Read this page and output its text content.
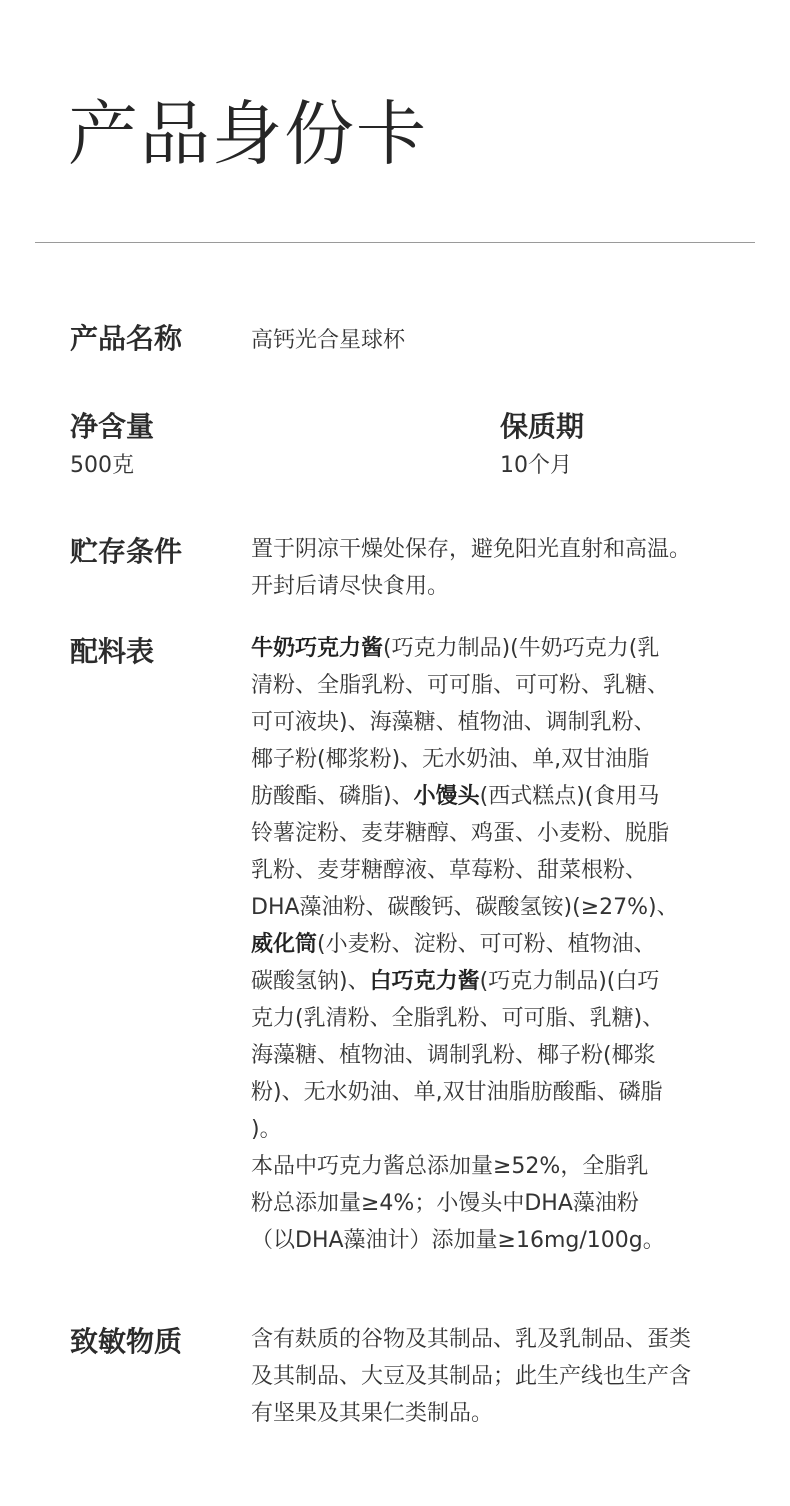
产品身份卡
产品名称	高钙光合星球杯
净含量
500克
保质期
10个月
贮存条件	置于阴凉干燥处保存，避免阳光直射和高温。
开封后请尽快食用。
配料表	牛奶巧克力酱(巧克力制品)(牛奶巧克力(乳
清粉、全脂乳粉、可可脂、可可粉、乳糖、
可可液块)、海藻糖、植物油、调制乳粉、
椰子粉(椰浆粉)、无水奶油、单,双甘油脂
肪酸酯、磷脂)、小馒头(西式糕点)(食用马
铃薯淀粉、麦芽糖醇、鸡蛋、小麦粉、脱脂
乳粉、麦芽糖醇液、草莓粉、甜菜根粉、
DHA藻油粉、碳酸钙、碳酸氢铵)(≥27%)、
威化筒(小麦粉、淀粉、可可粉、植物油、
碳酸氢钠)、白巧克力酱(巧克力制品)(白巧
克力(乳清粉、全脂乳粉、可可脂、乳糖)、
海藻糖、植物油、调制乳粉、椰子粉(椰浆
粉)、无水奶油、单,双甘油脂肪酸酯、磷脂
)。
本品中巧克力酱总添加量≥52%，全脂乳
粉总添加量≥4%；小馒头中DHA藻油粉
（以DHA藻油计）添加量≥16mg/100g。
致敏物质	含有麸质的谷物及其制品、乳及乳制品、蛋类
及其制品、大豆及其制品；此生产线也生产含
有坚果及其果仁类制品。
